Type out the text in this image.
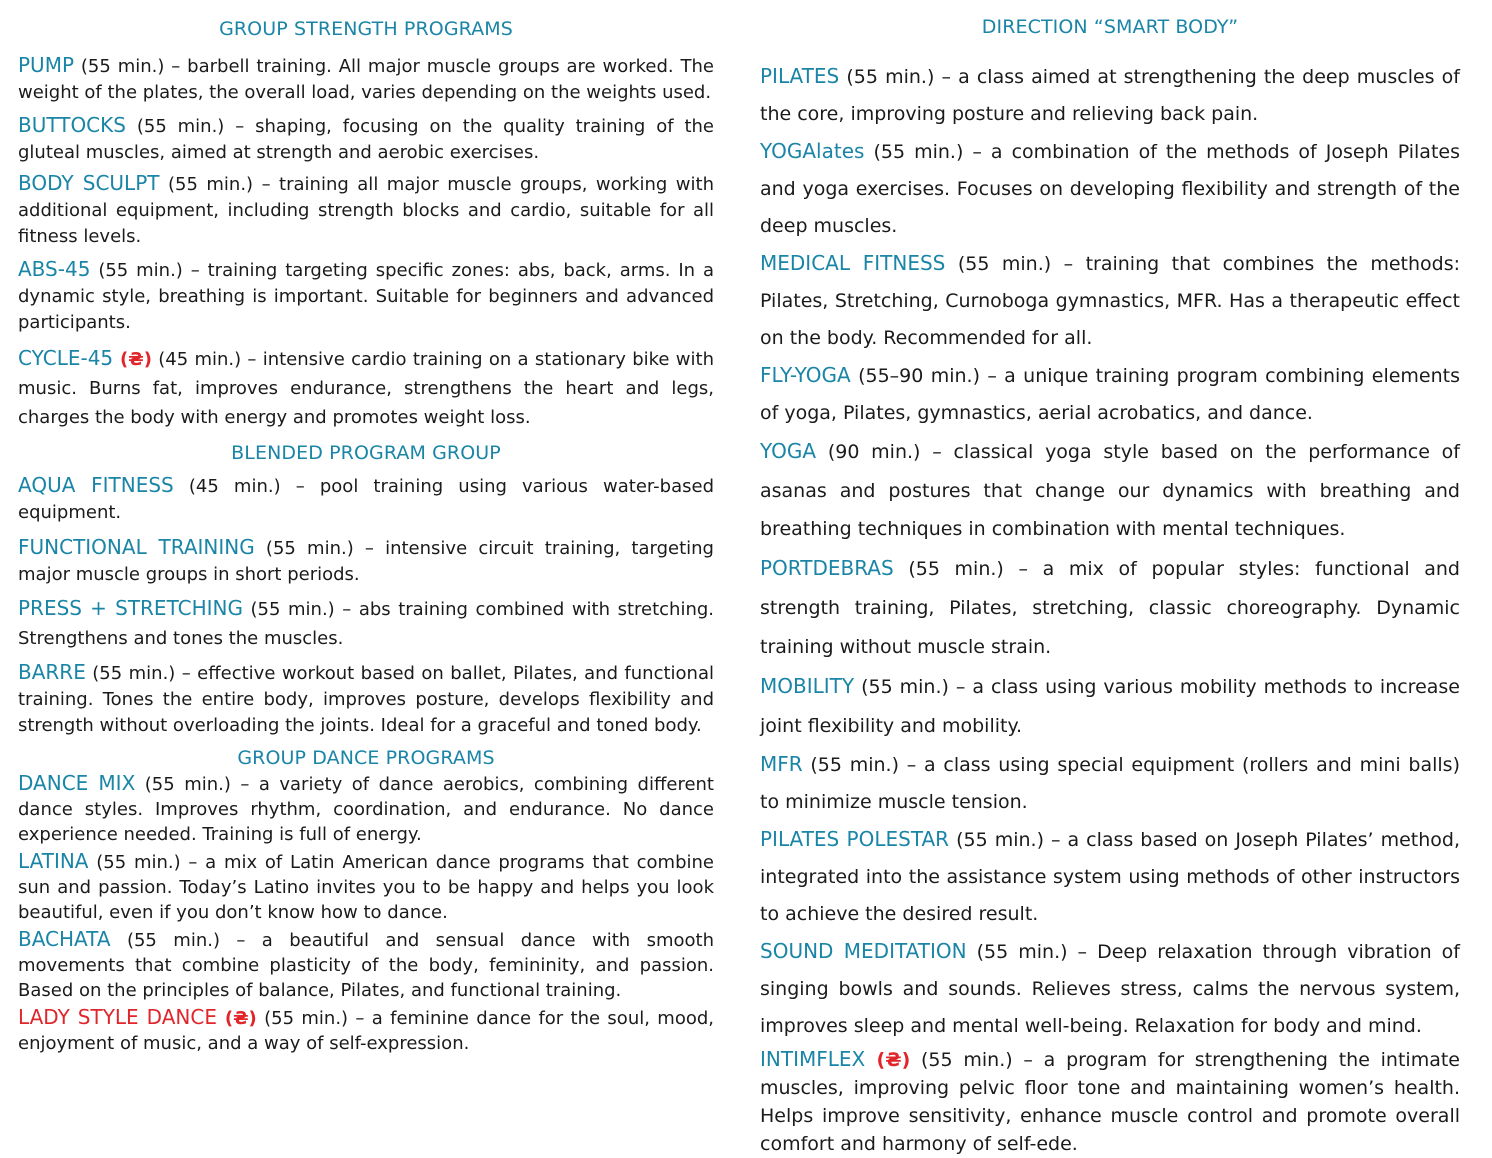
GROUP STRENGTH PROGRAMS

PUMP (55 min.) – barbell training. All major muscle groups are worked. The weight of the plates, the overall load, varies depending on the weights used.

BUTTOCKS (55 min.) – shaping, focusing on the quality training of the gluteal muscles, aimed at strength and aerobic exercises.

BODY SCULPT (55 min.) – training all major muscle groups, working with additional equipment, including strength blocks and cardio, suitable for all fitness levels.

ABS-45 (55 min.) – training targeting specific zones: abs, back, arms. In a dynamic style, breathing is important. Suitable for beginners and advanced participants.

CYCLE-45 (₴) (45 min.) – intensive cardio training on a stationary bike with music. Burns fat, improves endurance, strengthens the heart and legs, charges the body with energy and promotes weight loss.

BLENDED PROGRAM GROUP

AQUA FITNESS (45 min.) – pool training using various water-based equipment.

FUNCTIONAL TRAINING (55 min.) – intensive circuit training, targeting major muscle groups in short periods.

PRESS + STRETCHING (55 min.) – abs training combined with stretching. Strengthens and tones the muscles.

BARRE (55 min.) – effective workout based on ballet, Pilates, and functional training. Tones the entire body, improves posture, develops flexibility and strength without overloading the joints. Ideal for a graceful and toned body.

GROUP DANCE PROGRAMS

DANCE MIX (55 min.) – a variety of dance aerobics, combining different dance styles. Improves rhythm, coordination, and endurance. No dance experience needed. Training is full of energy.

LATINA (55 min.) – a mix of Latin American dance programs that combine sun and passion. Today’s Latino invites you to be happy and helps you look beautiful, even if you don’t know how to dance.

BACHATA (55 min.) – a beautiful and sensual dance with smooth movements that combine plasticity of the body, femininity, and passion. Based on the principles of balance, Pilates, and functional training.

LADY STYLE DANCE (₴) (55 min.) – a feminine dance for the soul, mood, enjoyment of music, and a way of self-expression.

DIRECTION “SMART BODY”

PILATES (55 min.) – a class aimed at strengthening the deep muscles of the core, improving posture and relieving back pain.

YOGAlates (55 min.) – a combination of the methods of Joseph Pilates and yoga exercises. Focuses on developing flexibility and strength of the deep muscles.

MEDICAL FITNESS (55 min.) – training that combines the methods: Pilates, Stretching, Curnoboga gymnastics, MFR. Has a therapeutic effect on the body. Recommended for all.

FLY-YOGA (55–90 min.) – a unique training program combining elements of yoga, Pilates, gymnastics, aerial acrobatics, and dance.

YOGA (90 min.) – classical yoga style based on the performance of asanas and postures that change our dynamics with breathing and breathing techniques in combination with mental techniques.

PORTDEBRAS (55 min.) – a mix of popular styles: functional and strength training, Pilates, stretching, classic choreography. Dynamic training without muscle strain.

MOBILITY (55 min.) – a class using various mobility methods to increase joint flexibility and mobility.

MFR (55 min.) – a class using special equipment (rollers and mini balls) to minimize muscle tension.

PILATES POLESTAR (55 min.) – a class based on Joseph Pilates’ method, integrated into the assistance system using methods of other instructors to achieve the desired result.

SOUND MEDITATION (55 min.) – Deep relaxation through vibration of singing bowls and sounds. Relieves stress, calms the nervous system, improves sleep and mental well-being. Relaxation for body and mind.

INTIMFLEX (₴) (55 min.) – a program for strengthening the intimate muscles, improving pelvic floor tone and maintaining women’s health. Helps improve sensitivity, enhance muscle control and promote overall comfort and harmony of self-ede.
